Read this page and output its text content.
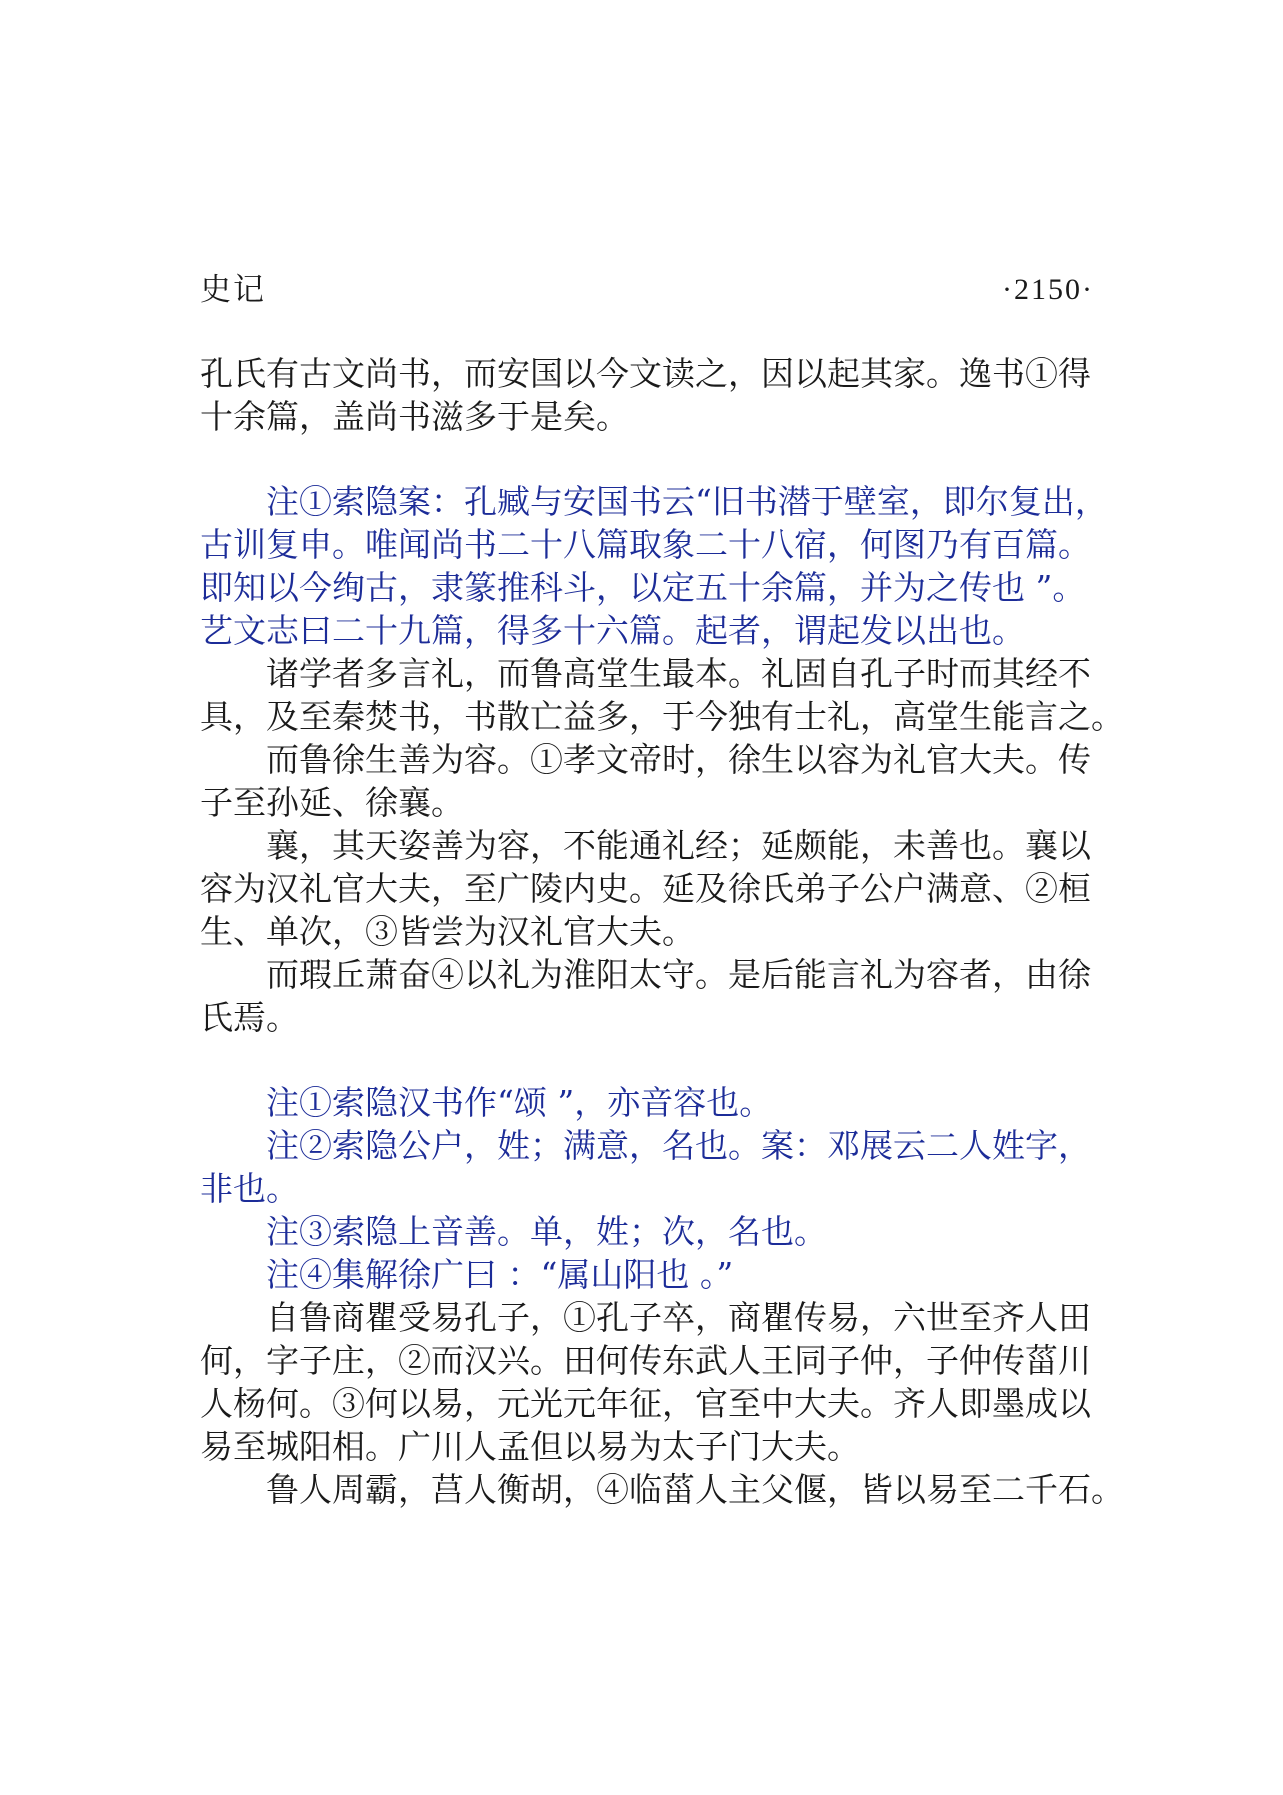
史记	·2150·
孔氏有古文尚书，而安国以今文读之，因以起其家。逸书①得
十余篇，盖尚书滋多于是矣。
注①索隐案：孔臧与安国书云“旧书潜于壁室，即尔复出，
古训复申。唯闻尚书二十八篇取象二十八宿，何图乃有百篇。
即知以今绚古，隶篆推科斗，以定五十余篇，并为之传也 ”。
艺文志曰二十九篇，得多十六篇。起者，谓起发以出也。
诸学者多言礼，而鲁高堂生最本。礼固自孔子时而其经不
具，及至秦焚书，书散亡益多，于今独有士礼，高堂生能言之。
而鲁徐生善为容。①孝文帝时，徐生以容为礼官大夫。传
子至孙延、徐襄。
襄，其天姿善为容，不能通礼经；延颇能，未善也。襄以
容为汉礼官大夫，至广陵内史。延及徐氏弟子公户满意、②桓
生、单次，③皆尝为汉礼官大夫。
而瑕丘萧奋④以礼为淮阳太守。是后能言礼为容者，由徐
氏焉。
注①索隐汉书作“颂 ”，亦音容也。
注②索隐公户，姓；满意，名也。案：邓展云二人姓字，
非也。
注③索隐上音善。单，姓；次，名也。
注④集解徐广曰 ：“属山阳也 。”
自鲁商瞿受易孔子，①孔子卒，商瞿传易，六世至齐人田
何，字子庄，②而汉兴。田何传东武人王同子仲，子仲传菑川
人杨何。③何以易，元光元年征，官至中大夫。齐人即墨成以
易至城阳相。广川人孟但以易为太子门大夫。
鲁人周霸，莒人衡胡，④临菑人主父偃，皆以易至二千石。
